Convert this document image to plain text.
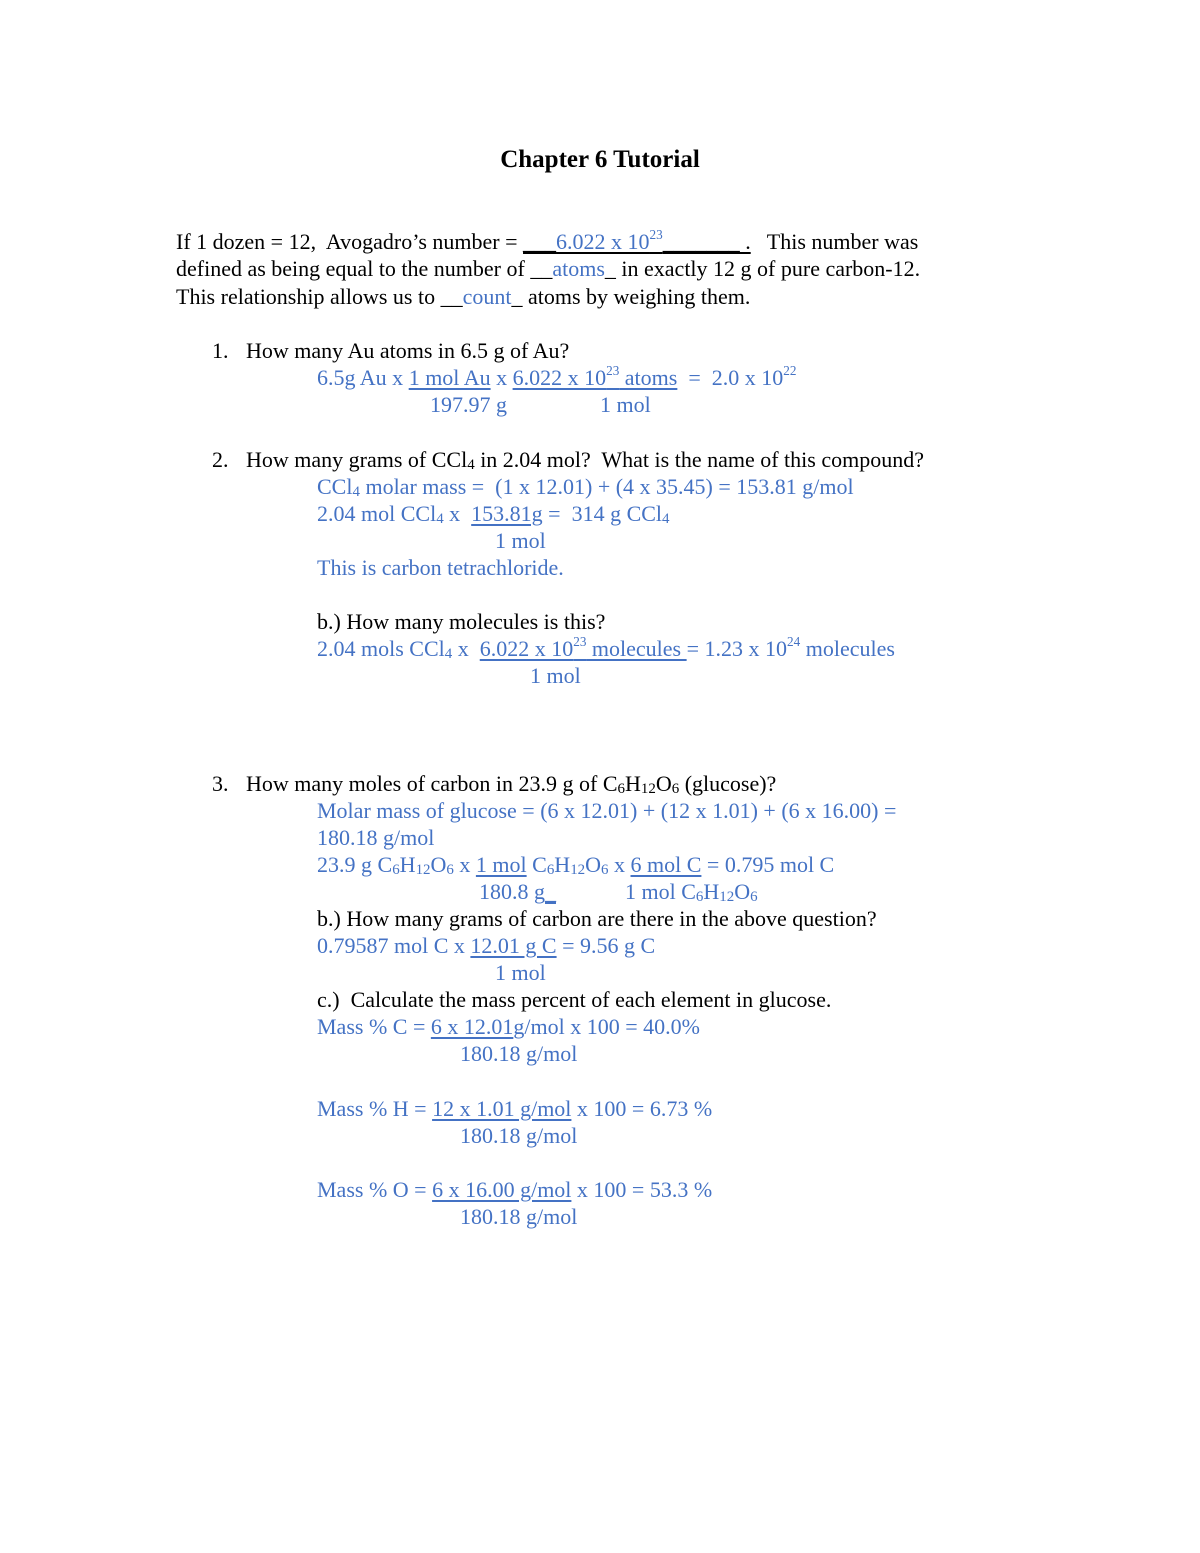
Chapter 6 Tutorial
If 1 dozen = 12,  Avogadro’s number = ___6.022 x $10^{23}\_\_\_\_\_\_\_$ .   This number was
defined as being equal to the number of __atoms_ in exactly 12 g of pure carbon-12.
This relationship allows us to __count_ atoms by weighing them.
1. How many Au atoms in 6.5 g of Au?
6.5g Au x 1 mol Au x 6.022 x $10^{23}$ atoms  =  2.0 x $10^{22}$
197.97 g	1 mol
2. How many grams of CCl$_4$ in 2.04 mol?  What is the name of this compound?
CCl$_4$ molar mass =  (1 x 12.01) + (4 x 35.45) = 153.81 g/mol
2.04 mol CCl$_4$ x  153.81g =  314 g CCl$_4$
1 mol
This is carbon tetrachloride.
b.) How many molecules is this?
2.04 mols CCl$_4$ x  6.022 x $10^{23}$ molecules = 1.23 x $10^{24}$ molecules
1 mol
3. How many moles of carbon in 23.9 g of $C_6H_{12}O_6$ (glucose)?
Molar mass of glucose = (6 x 12.01) + (12 x 1.01) + (6 x 16.00) =
180.18 g/mol
23.9 g $C_6H_{12}O_6$ x 1 mol $C_6H_{12}O_6$ x 6 mol C = 0.795 mol C
180.8 g_	1 mol $C_6H_{12}O_6$
b.) How many grams of carbon are there in the above question?
0.79587 mol C x 12.01 g C = 9.56 g C
1 mol
c.)  Calculate the mass percent of each element in glucose.
Mass % C = 6 x 12.01g/mol x 100 = 40.0%
180.18 g/mol
Mass % H = 12 x 1.01 g/mol x 100 = 6.73 %
180.18 g/mol
Mass % O = 6 x 16.00 g/mol x 100 = 53.3 %
180.18 g/mol
